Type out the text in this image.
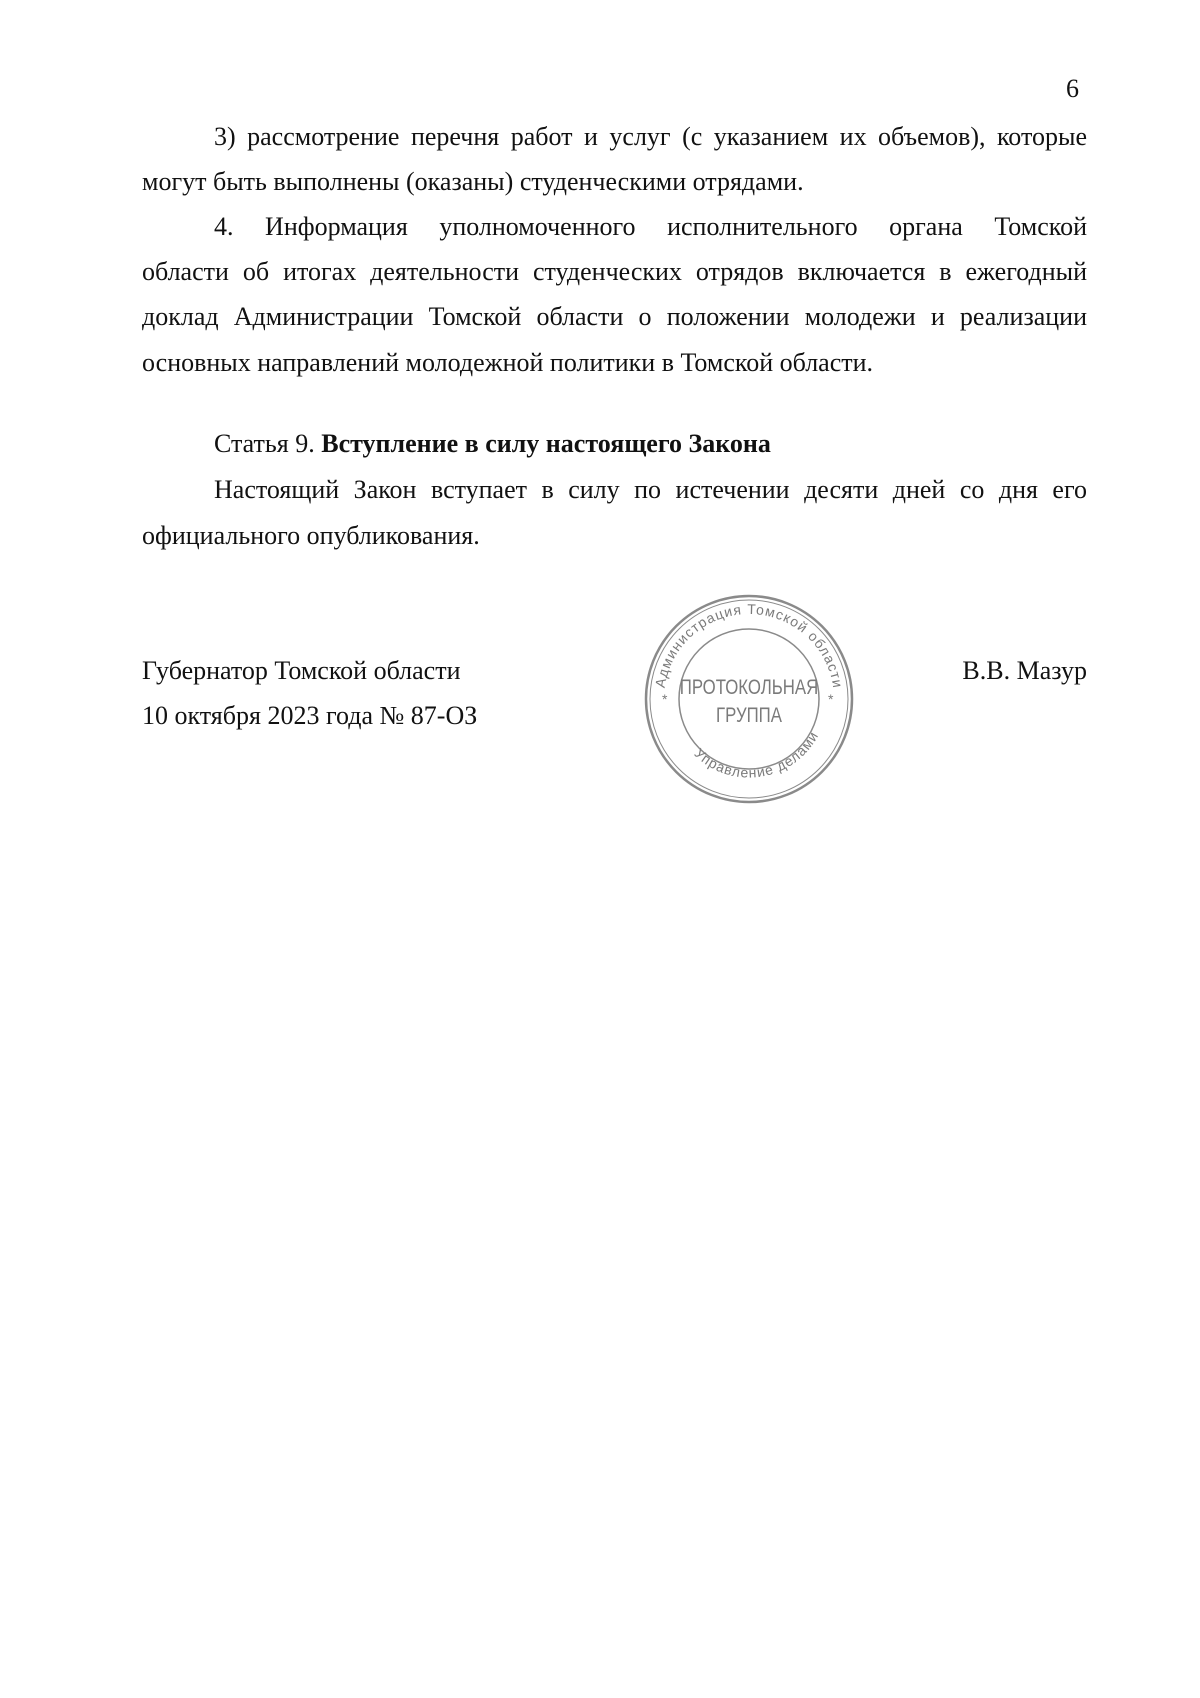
6
3) рассмотрение перечня работ и услуг (с указанием их объемов), которые
могут быть выполнены (оказаны) студенческими отрядами.
4. Информация уполномоченного исполнительного органа Томской
области об итогах деятельности студенческих отрядов включается в ежегодный
доклад Администрации Томской области о положении молодежи и реализации
основных направлений молодежной политики в Томской области.
Статья 9. Вступление в силу настоящего Закона
Настоящий Закон вступает в силу по истечении десяти дней со дня его
официального опубликования.
Губернатор Томской области
10 октября 2023 года № 87-ОЗ
В.В. Мазур
Администрация Томской области
Управление делами
*	*
ПРОТОКОЛЬНАЯ
ГРУППА
